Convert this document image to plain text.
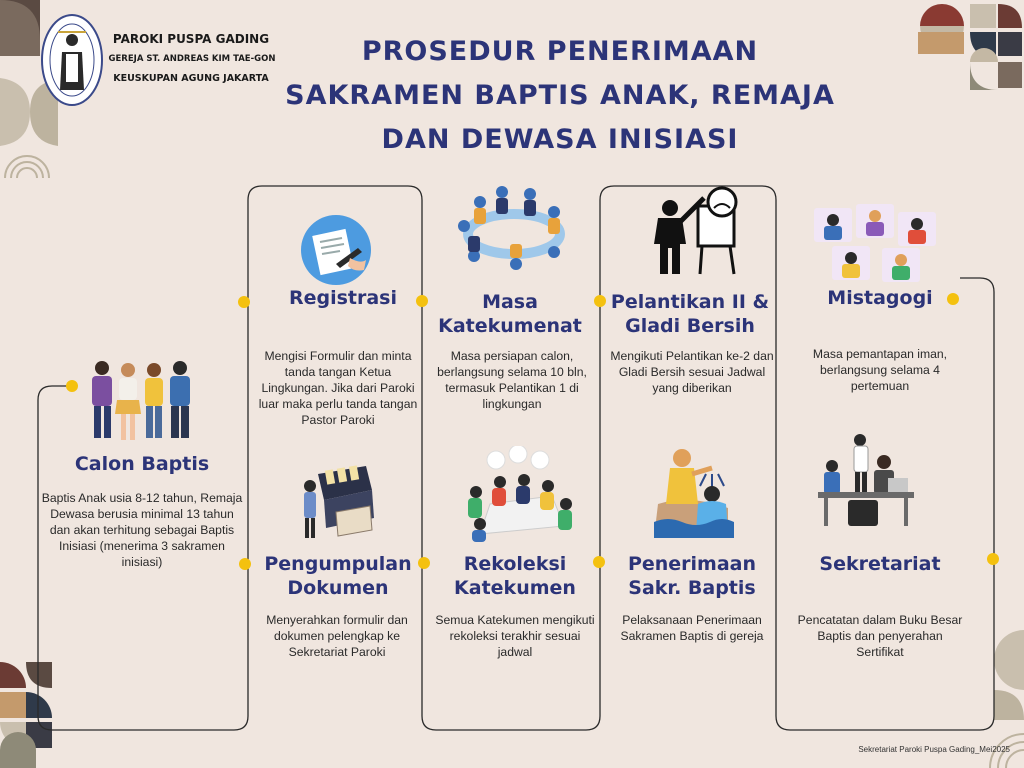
PAROKI PUSPA GADING
GEREJA ST. ANDREAS KIM TAE-GON
KEUSKUPAN AGUNG JAKARTA
PROSEDUR PENERIMAAN
SAKRAMEN BAPTIS ANAK, REMAJA
DAN DEWASA INISIASI
Calon Baptis
Baptis Anak usia 8-12 tahun, Remaja Dewasa berusia minimal 13 tahun dan akan terhitung sebagai Baptis Inisiasi (menerima 3 sakramen inisiasi)
Registrasi
Mengisi Formulir dan minta tanda tangan Ketua Lingkungan. Jika dari Paroki luar maka perlu tanda tangan Pastor Paroki
Pengumpulan Dokumen
Menyerahkan formulir dan dokumen pelengkap ke Sekretariat Paroki
Masa Katekumenat
Masa persiapan calon, berlangsung selama 10 bln, termasuk Pelantikan 1 di lingkungan
Rekoleksi Katekumen
Semua Katekumen mengikuti rekoleksi terakhir sesuai jadwal
Pelantikan II & Gladi Bersih
Mengikuti Pelantikan ke-2 dan Gladi Bersih sesuai Jadwal yang diberikan
Penerimaan Sakr. Baptis
Pelaksanaan Penerimaan Sakramen Baptis di gereja
Mistagogi
Masa pemantapan iman, berlangsung selama 4 pertemuan
Sekretariat
Pencatatan dalam Buku Besar Baptis dan penyerahan Sertifikat
Sekretariat Paroki Puspa Gading_Mei2025
